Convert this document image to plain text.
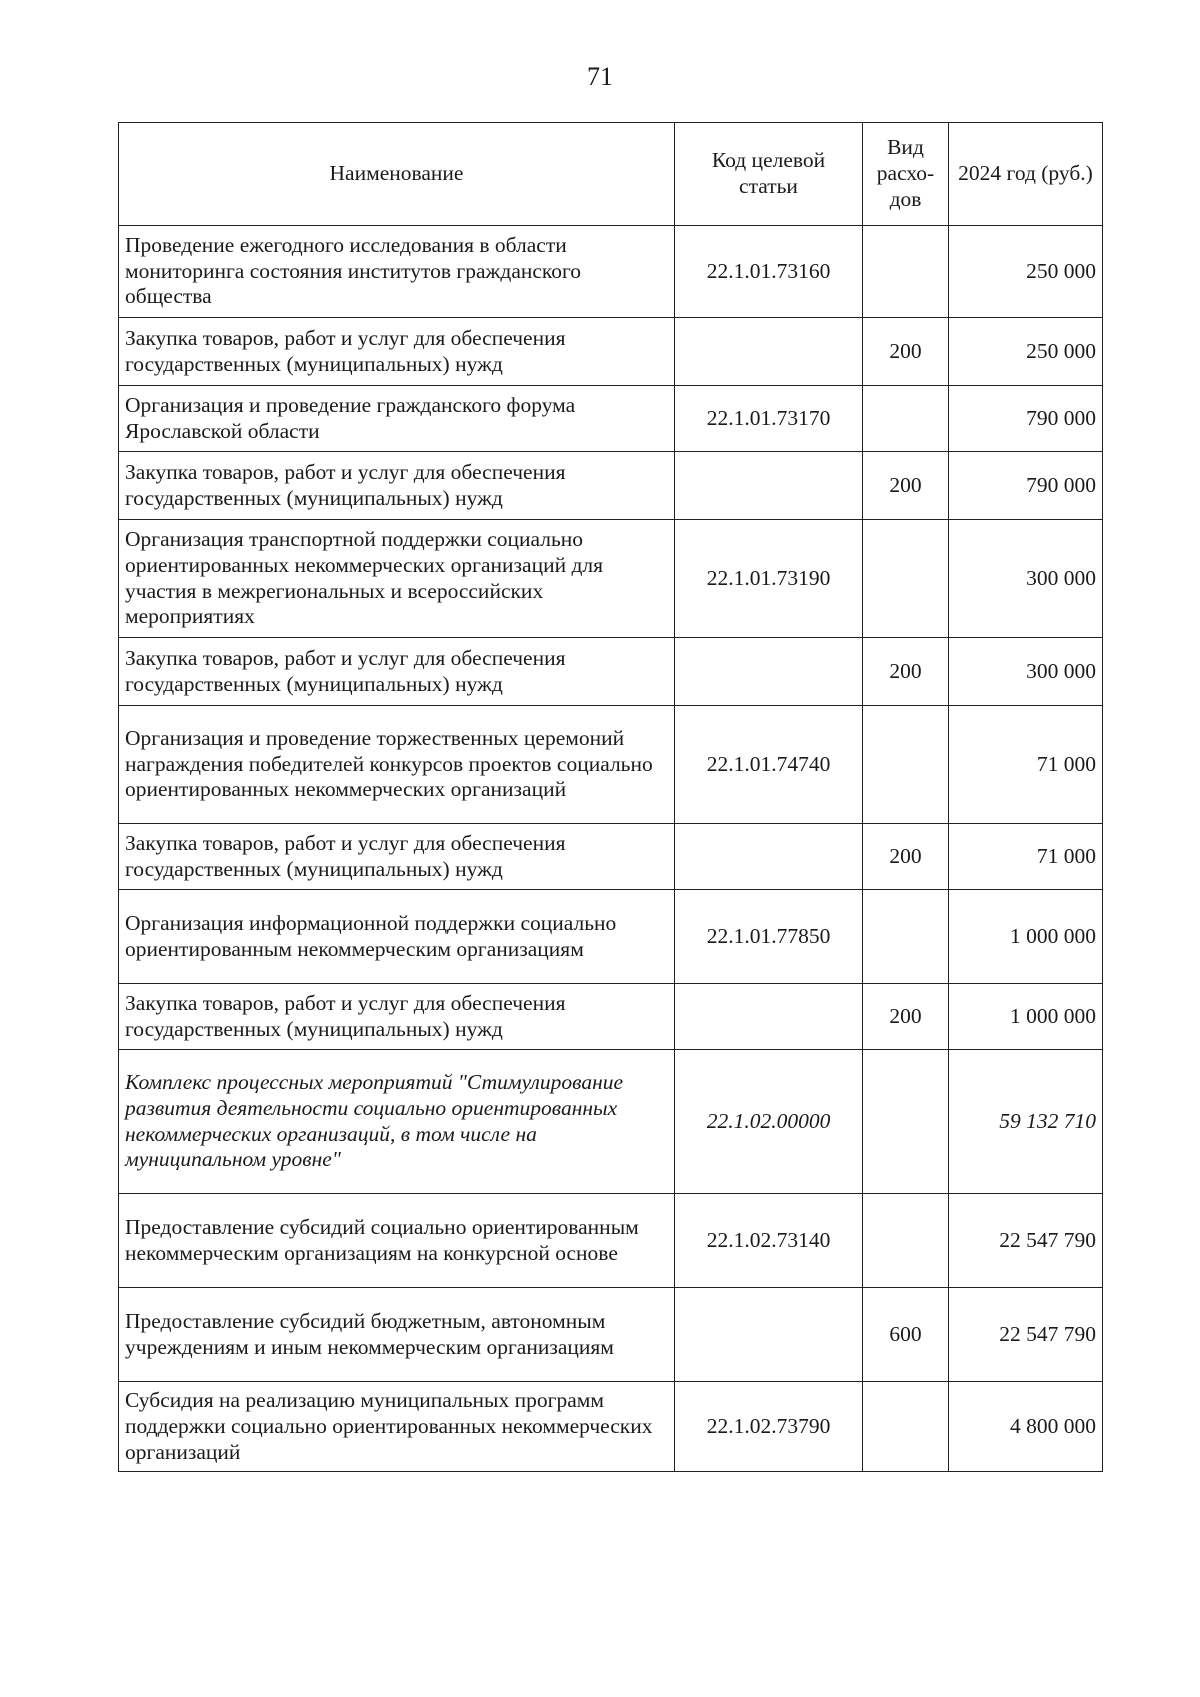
71
Наименование	Код целевой статьи	Вид расхо-дов	2024 год (руб.)
Проведение ежегодного исследования в области мониторинга состояния институтов гражданского общества	22.1.01.73160		250 000
Закупка товаров, работ и услуг для обеспечения государственных (муниципальных) нужд		200	250 000
Организация и проведение гражданского форума Ярославской области	22.1.01.73170		790 000
Закупка товаров, работ и услуг для обеспечения государственных (муниципальных) нужд		200	790 000
Организация транспортной поддержки социально ориентированных некоммерческих организаций для участия в межрегиональных и всероссийских мероприятиях	22.1.01.73190		300 000
Закупка товаров, работ и услуг для обеспечения государственных (муниципальных) нужд		200	300 000
Организация и проведение торжественных церемоний награждения победителей конкурсов проектов социально ориентированных некоммерческих организаций	22.1.01.74740		71 000
Закупка товаров, работ и услуг для обеспечения государственных (муниципальных) нужд		200	71 000
Организация информационной поддержки социально ориентированным некоммерческим организациям	22.1.01.77850		1 000 000
Закупка товаров, работ и услуг для обеспечения государственных (муниципальных) нужд		200	1 000 000
Комплекс процессных мероприятий "Стимулирование развития деятельности социально ориентированных некоммерческих организаций, в том числе на муниципальном уровне"	22.1.02.00000		59 132 710
Предоставление субсидий социально ориентированным некоммерческим организациям на конкурсной основе	22.1.02.73140		22 547 790
Предоставление субсидий бюджетным, автономным учреждениям и иным некоммерческим организациям		600	22 547 790
Субсидия на реализацию муниципальных программ поддержки социально ориентированных некоммерческих организаций	22.1.02.73790		4 800 000
